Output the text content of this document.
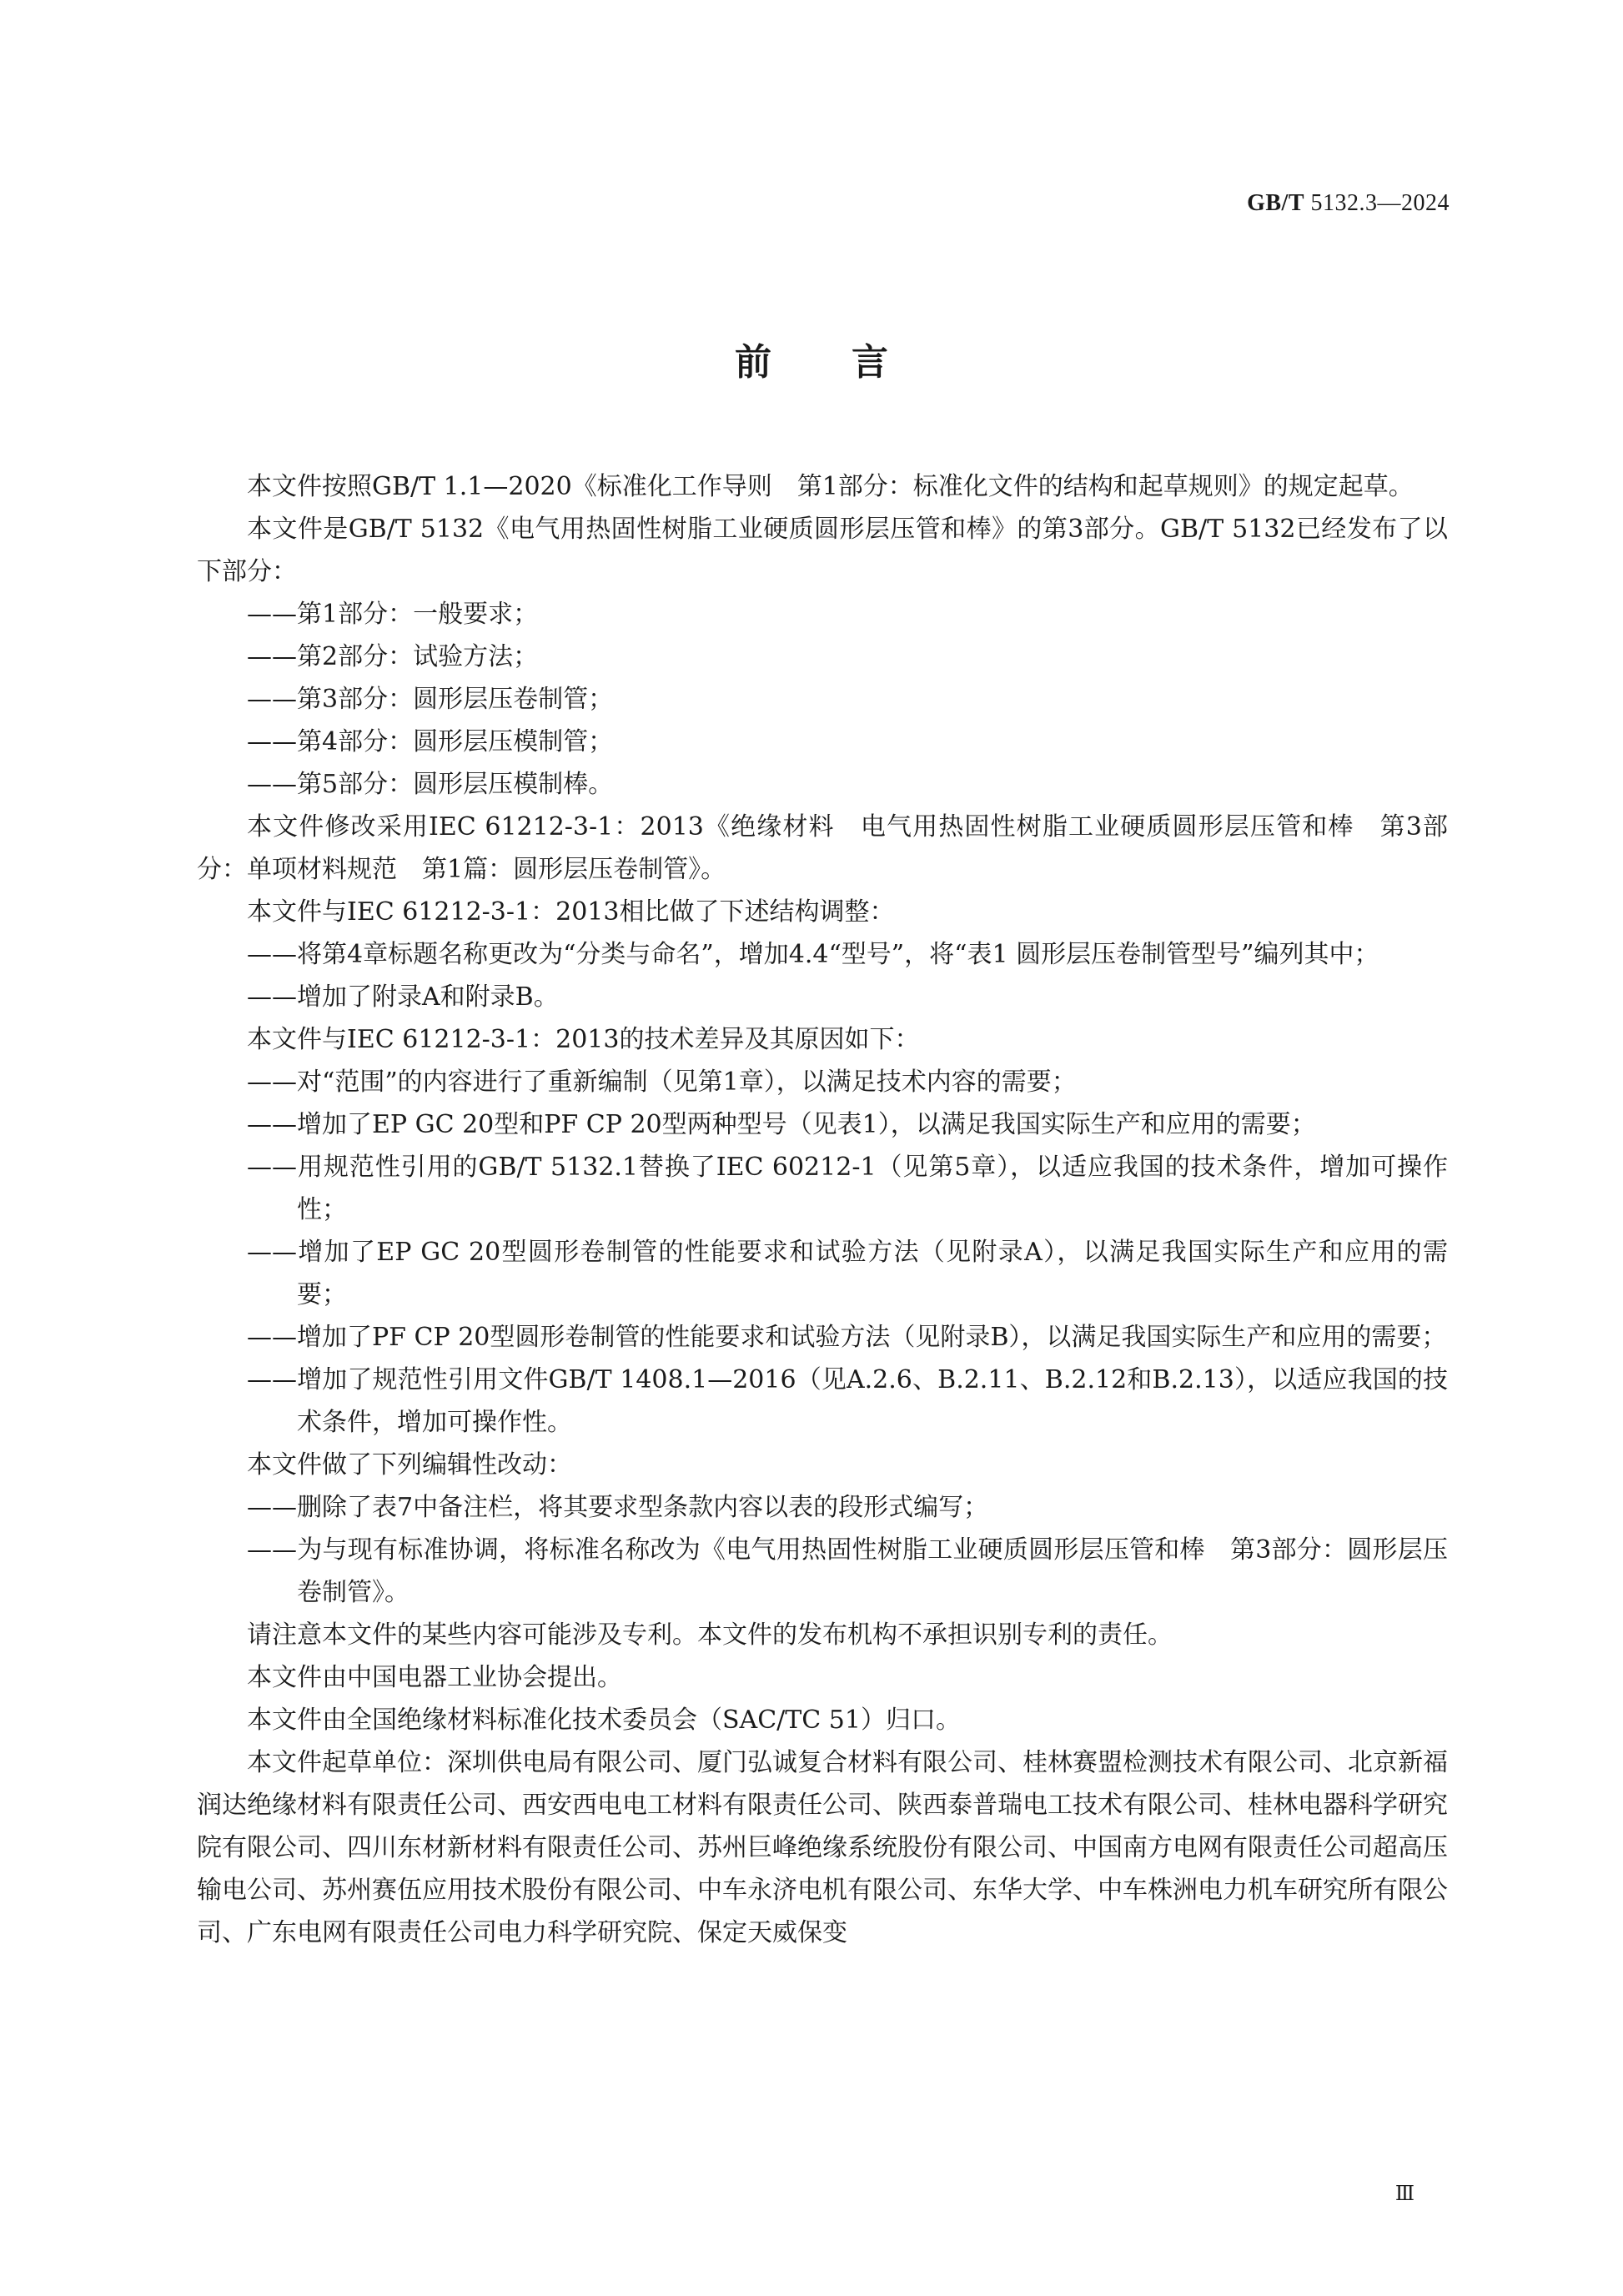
GB/T 5132.3—2024
前言

本文件按照GB/T 1.1—2020《标准化工作导则　第1部分：标准化文件的结构和起草规则》的规定起草。

本文件是GB/T 5132《电气用热固性树脂工业硬质圆形层压管和棒》的第3部分。GB/T 5132已经发布了以下部分：

——第1部分：一般要求；

——第2部分：试验方法；

——第3部分：圆形层压卷制管；

——第4部分：圆形层压模制管；

——第5部分：圆形层压模制棒。

本文件修改采用IEC 61212-3-1：2013《绝缘材料　电气用热固性树脂工业硬质圆形层压管和棒　第3部分：单项材料规范　第1篇：圆形层压卷制管》。

本文件与IEC 61212-3-1：2013相比做了下述结构调整：

——将第4章标题名称更改为“分类与命名”，增加4.4“型号”，将“表1 圆形层压卷制管型号”编列其中；

——增加了附录A和附录B。

本文件与IEC 61212-3-1：2013的技术差异及其原因如下：

——对“范围”的内容进行了重新编制（见第1章），以满足技术内容的需要；

——增加了EP GC 20型和PF CP 20型两种型号（见表1），以满足我国实际生产和应用的需要；

——用规范性引用的GB/T 5132.1替换了IEC 60212-1（见第5章），以适应我国的技术条件，增加可操作性；

——增加了EP GC 20型圆形卷制管的性能要求和试验方法（见附录A），以满足我国实际生产和应用的需要；

——增加了PF CP 20型圆形卷制管的性能要求和试验方法（见附录B），以满足我国实际生产和应用的需要；

——增加了规范性引用文件GB/T 1408.1—2016（见A.2.6、B.2.11、B.2.12和B.2.13），以适应我国的技术条件，增加可操作性。

本文件做了下列编辑性改动：

——删除了表7中备注栏，将其要求型条款内容以表的段形式编写；

——为与现有标准协调，将标准名称改为《电气用热固性树脂工业硬质圆形层压管和棒　第3部分：圆形层压卷制管》。

请注意本文件的某些内容可能涉及专利。本文件的发布机构不承担识别专利的责任。

本文件由中国电器工业协会提出。

本文件由全国绝缘材料标准化技术委员会（SAC/TC 51）归口。

本文件起草单位：深圳供电局有限公司、厦门弘诚复合材料有限公司、桂林赛盟检测技术有限公司、北京新福润达绝缘材料有限责任公司、西安西电电工材料有限责任公司、陕西泰普瑞电工技术有限公司、桂林电器科学研究院有限公司、四川东材新材料有限责任公司、苏州巨峰绝缘系统股份有限公司、中国南方电网有限责任公司超高压输电公司、苏州赛伍应用技术股份有限公司、中车永济电机有限公司、东华大学、中车株洲电力机车研究所有限公司、广东电网有限责任公司电力科学研究院、保定天威保变

Ⅲ
